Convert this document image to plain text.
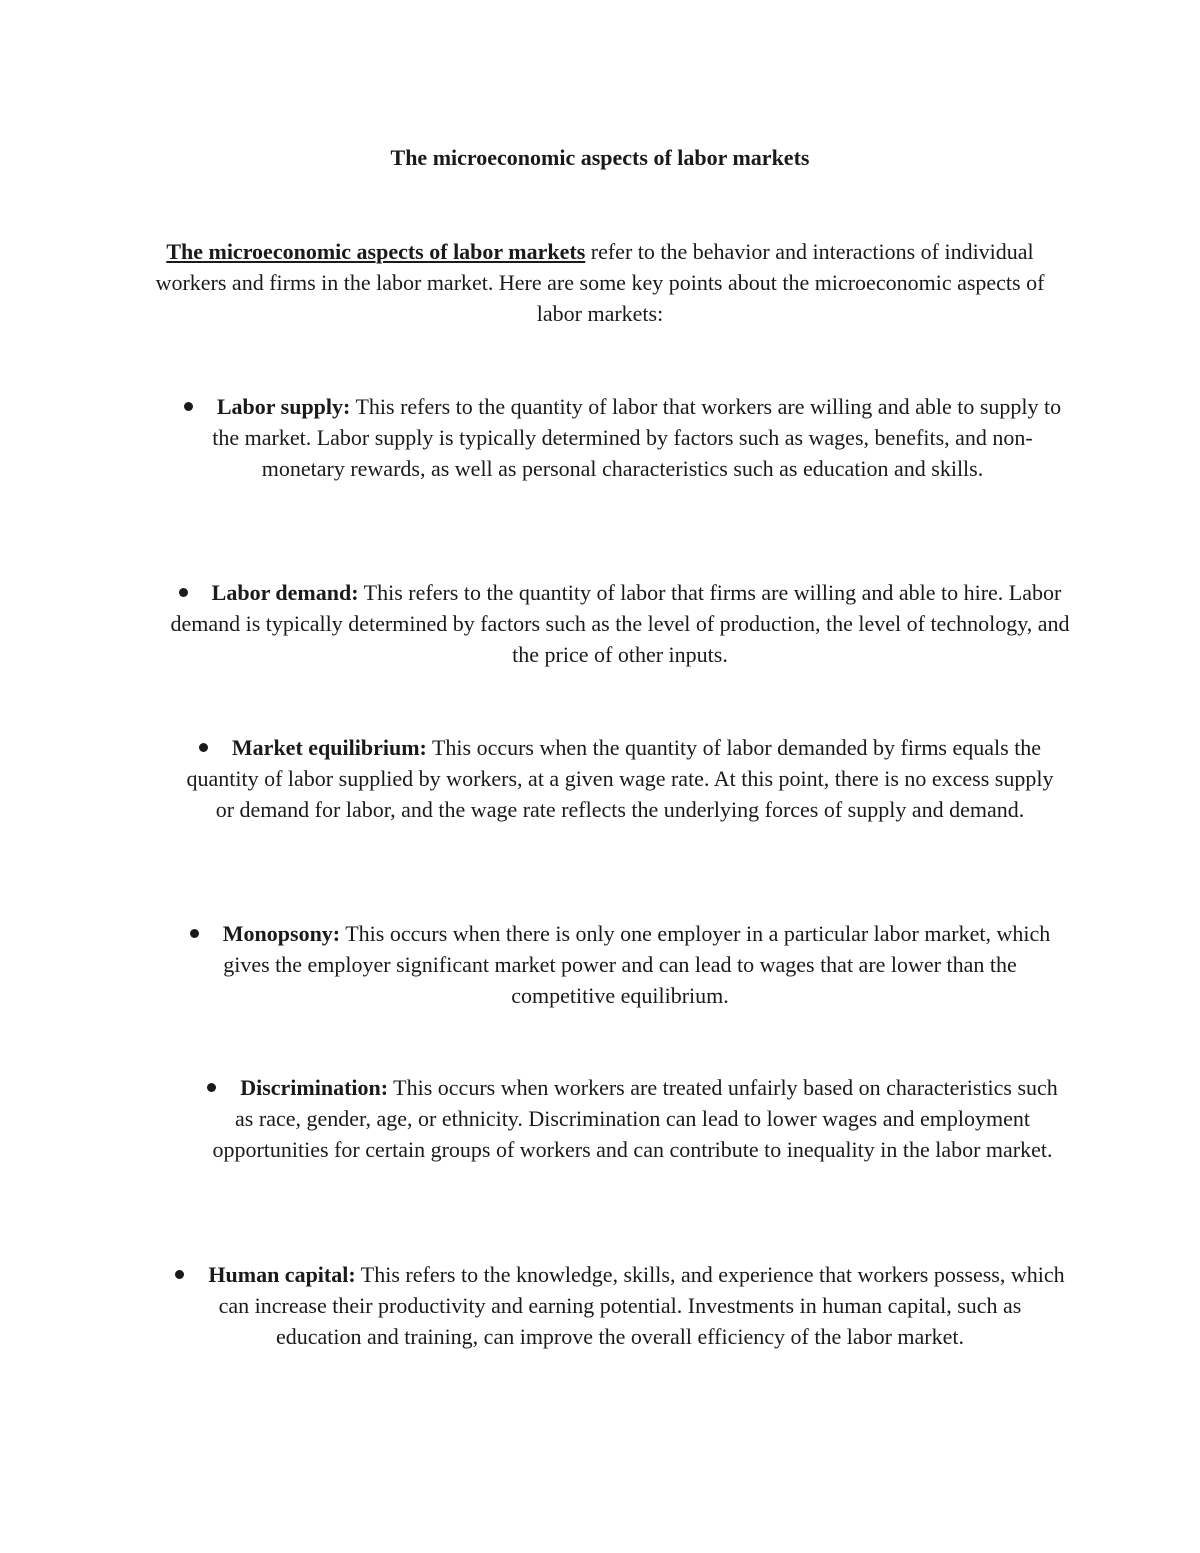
The microeconomic aspects of labor markets
The microeconomic aspects of labor markets refer to the behavior and interactions of individual workers and firms in the labor market. Here are some key points about the microeconomic aspects of labor markets:
Labor supply: This refers to the quantity of labor that workers are willing and able to supply to the market. Labor supply is typically determined by factors such as wages, benefits, and non-monetary rewards, as well as personal characteristics such as education and skills.
Labor demand: This refers to the quantity of labor that firms are willing and able to hire. Labor demand is typically determined by factors such as the level of production, the level of technology, and the price of other inputs.
Market equilibrium: This occurs when the quantity of labor demanded by firms equals the quantity of labor supplied by workers, at a given wage rate. At this point, there is no excess supply or demand for labor, and the wage rate reflects the underlying forces of supply and demand.
Monopsony: This occurs when there is only one employer in a particular labor market, which gives the employer significant market power and can lead to wages that are lower than the competitive equilibrium.
Discrimination: This occurs when workers are treated unfairly based on characteristics such as race, gender, age, or ethnicity. Discrimination can lead to lower wages and employment opportunities for certain groups of workers and can contribute to inequality in the labor market.
Human capital: This refers to the knowledge, skills, and experience that workers possess, which can increase their productivity and earning potential. Investments in human capital, such as education and training, can improve the overall efficiency of the labor market.
